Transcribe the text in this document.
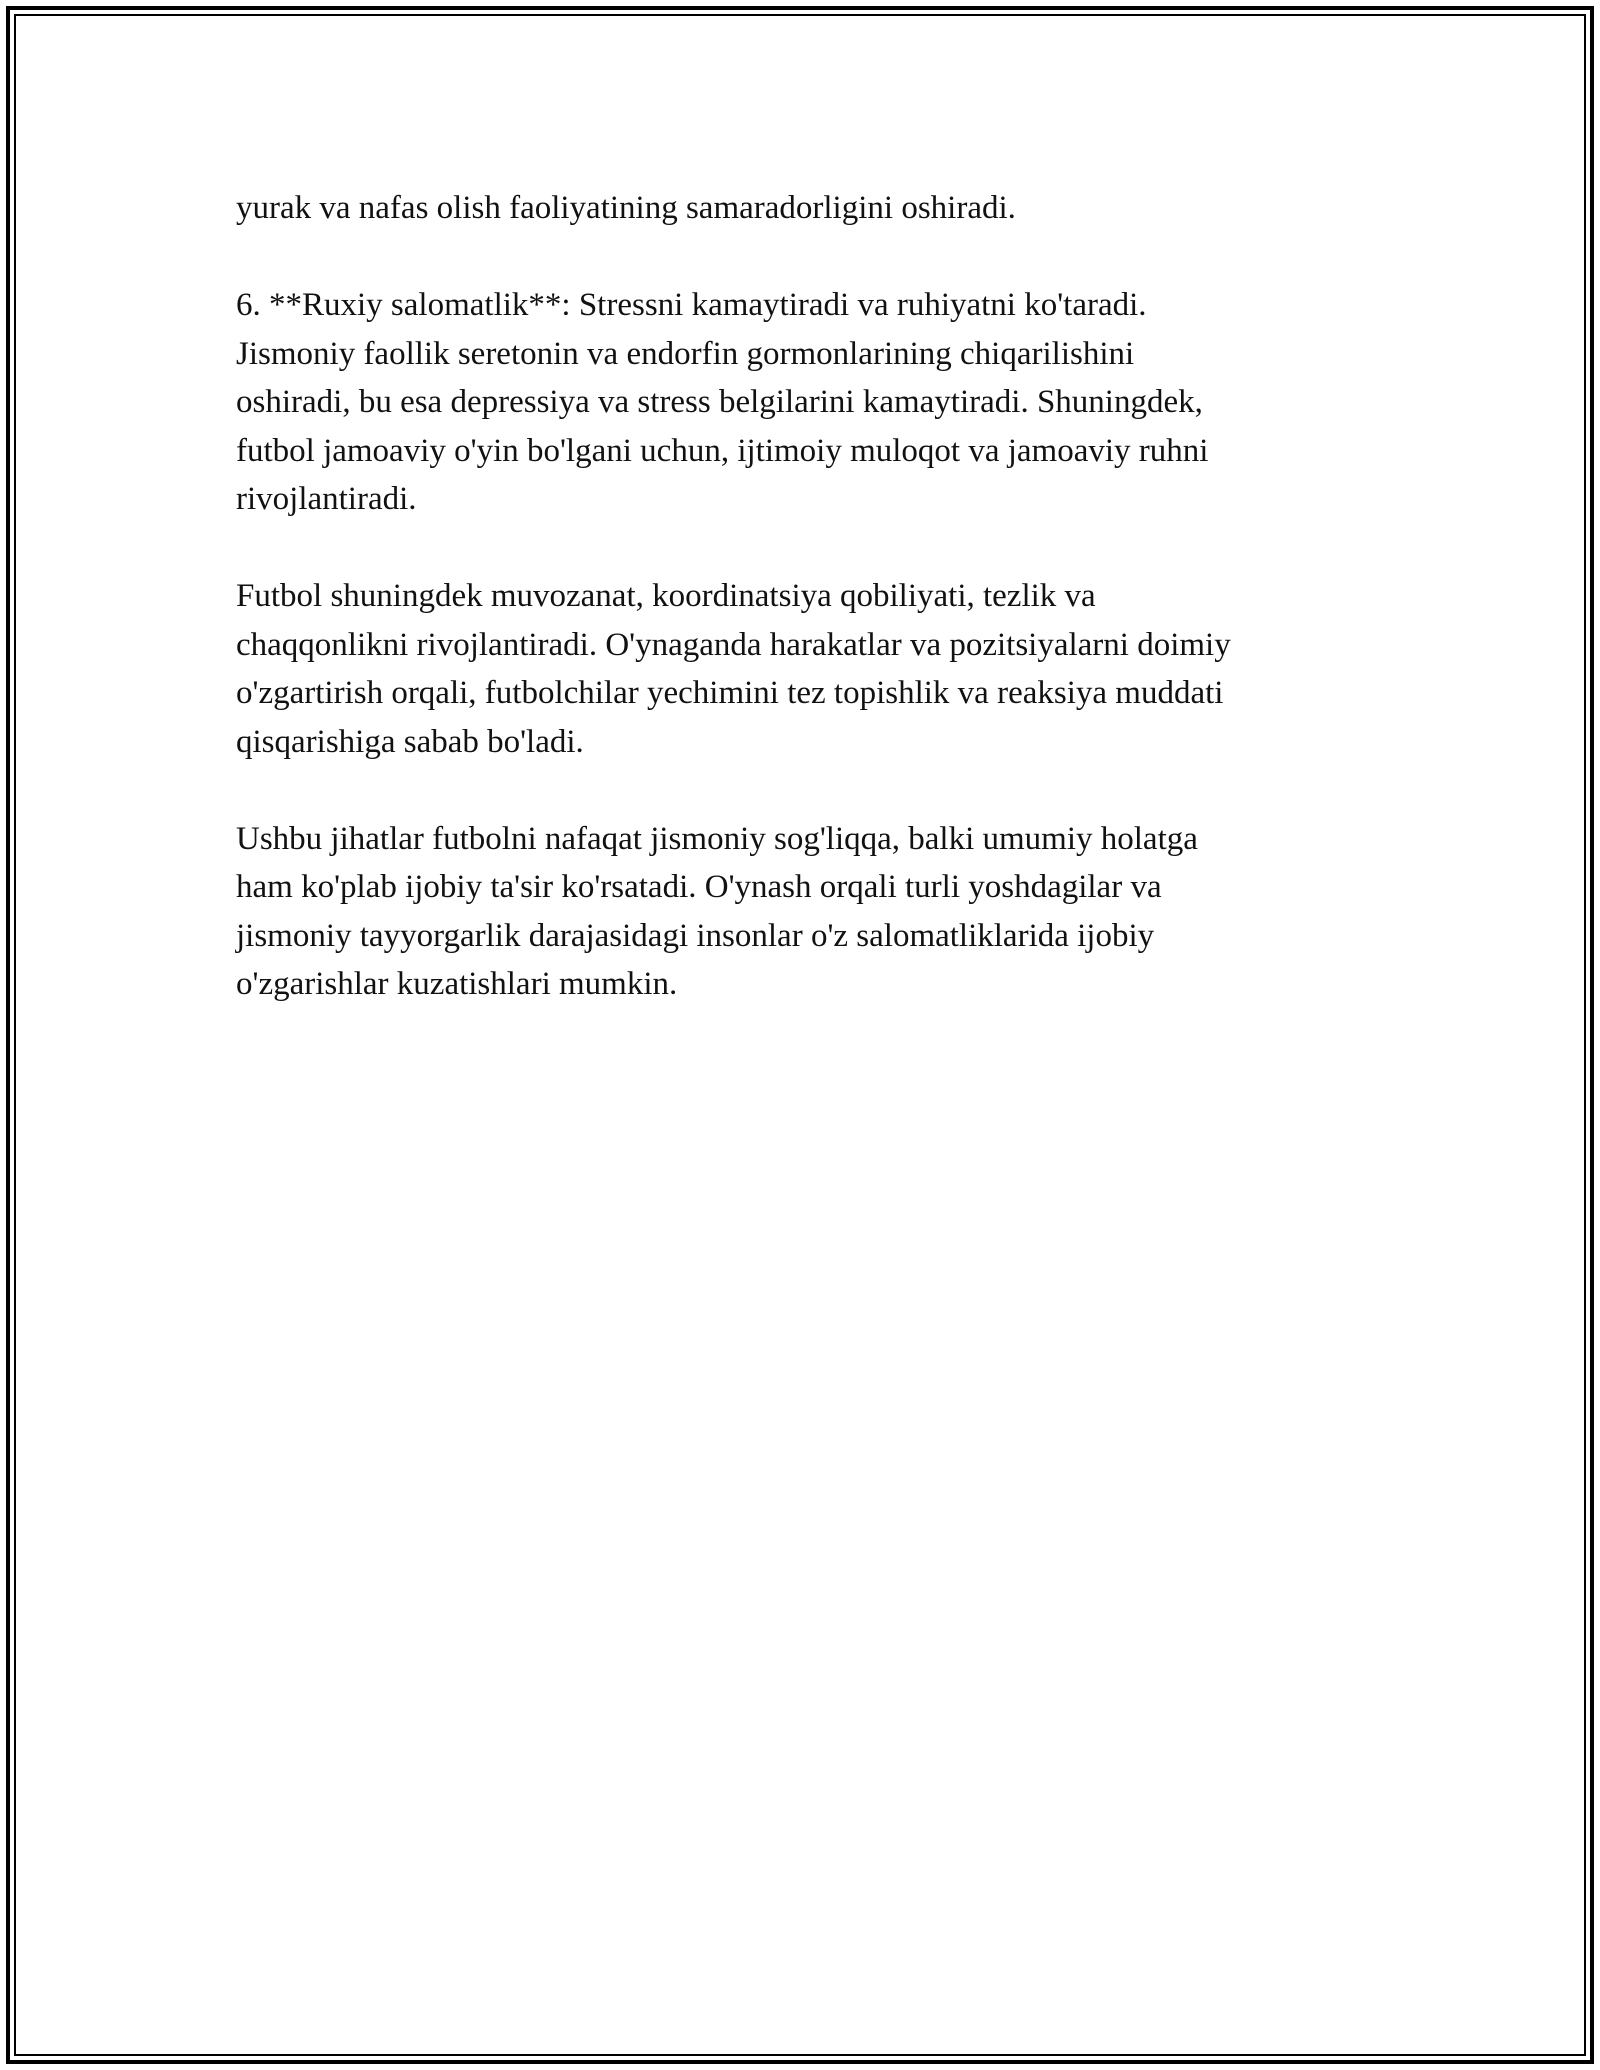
yurak va nafas olish faoliyatining samaradorligini oshiradi.

6. **Ruxiy salomatlik**: Stressni kamaytiradi va ruhiyatni ko'taradi.
Jismoniy faollik seretonin va endorfin gormonlarining chiqarilishini
oshiradi, bu esa depressiya va stress belgilarini kamaytiradi. Shuningdek,
futbol jamoaviy o'yin bo'lgani uchun, ijtimoiy muloqot va jamoaviy ruhni
rivojlantiradi.

Futbol shuningdek muvozanat, koordinatsiya qobiliyati, tezlik va
chaqqonlikni rivojlantiradi. O'ynaganda harakatlar va pozitsiyalarni doimiy
o'zgartirish orqali, futbolchilar yechimini tez topishlik va reaksiya muddati
qisqarishiga sabab bo'ladi.

Ushbu jihatlar futbolni nafaqat jismoniy sog'liqqa, balki umumiy holatga
ham ko'plab ijobiy ta'sir ko'rsatadi. O'ynash orqali turli yoshdagilar va
jismoniy tayyorgarlik darajasidagi insonlar o'z salomatliklarida ijobiy
o'zgarishlar kuzatishlari mumkin.
